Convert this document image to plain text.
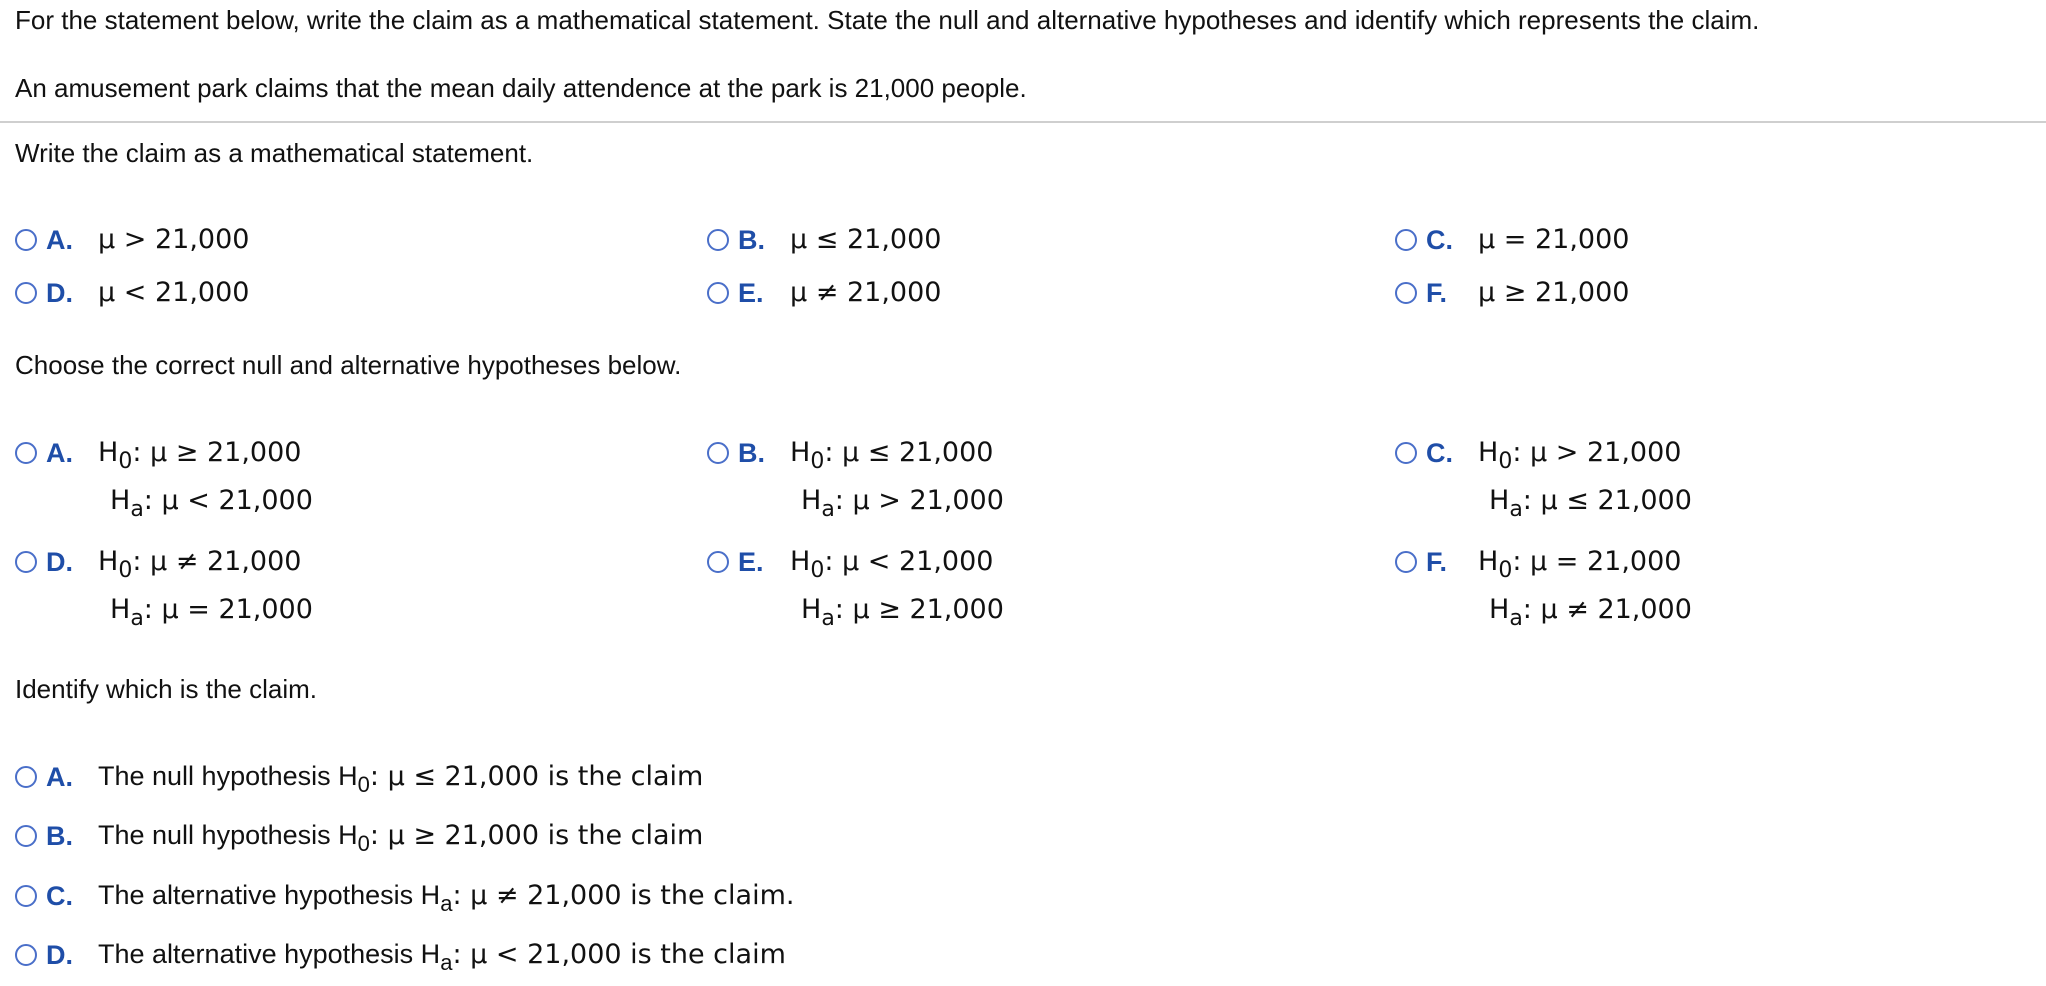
For the statement below, write the claim as a mathematical statement. State the null and alternative hypotheses and identify which represents the claim.
An amusement park claims that the mean daily attendence at the park is 21,000 people.
Write the claim as a mathematical statement.
A. μ > 21,000	B. μ ≤ 21,000	C. μ = 21,000
D. μ < 21,000	E. μ ≠ 21,000	F.	μ ≥ 21,000
Choose the correct null and alternative hypotheses below.
A. $H_0$: μ ≥ 21,000
$H_a$: μ < 21,000
B. $H_0$: μ ≤ 21,000
$H_a$: μ > 21,000
C. $H_0$: μ > 21,000
$H_a$: μ ≤ 21,000
D. $H_0$: μ ≠ 21,000
$H_a$: μ = 21,000
E. $H_0$: μ < 21,000
$H_a$: μ ≥ 21,000
F.	$H_0$: μ = 21,000
$H_a$: μ ≠ 21,000
Identify which is the claim.
A. The null hypothesis $H_0$: μ ≤ 21,000 is the claim
B. The null hypothesis $H_0$: μ ≥ 21,000 is the claim
C. The alternative hypothesis $H_a$: μ ≠ 21,000 is the claim.
D. The alternative hypothesis $H_a$: μ < 21,000 is the claim
